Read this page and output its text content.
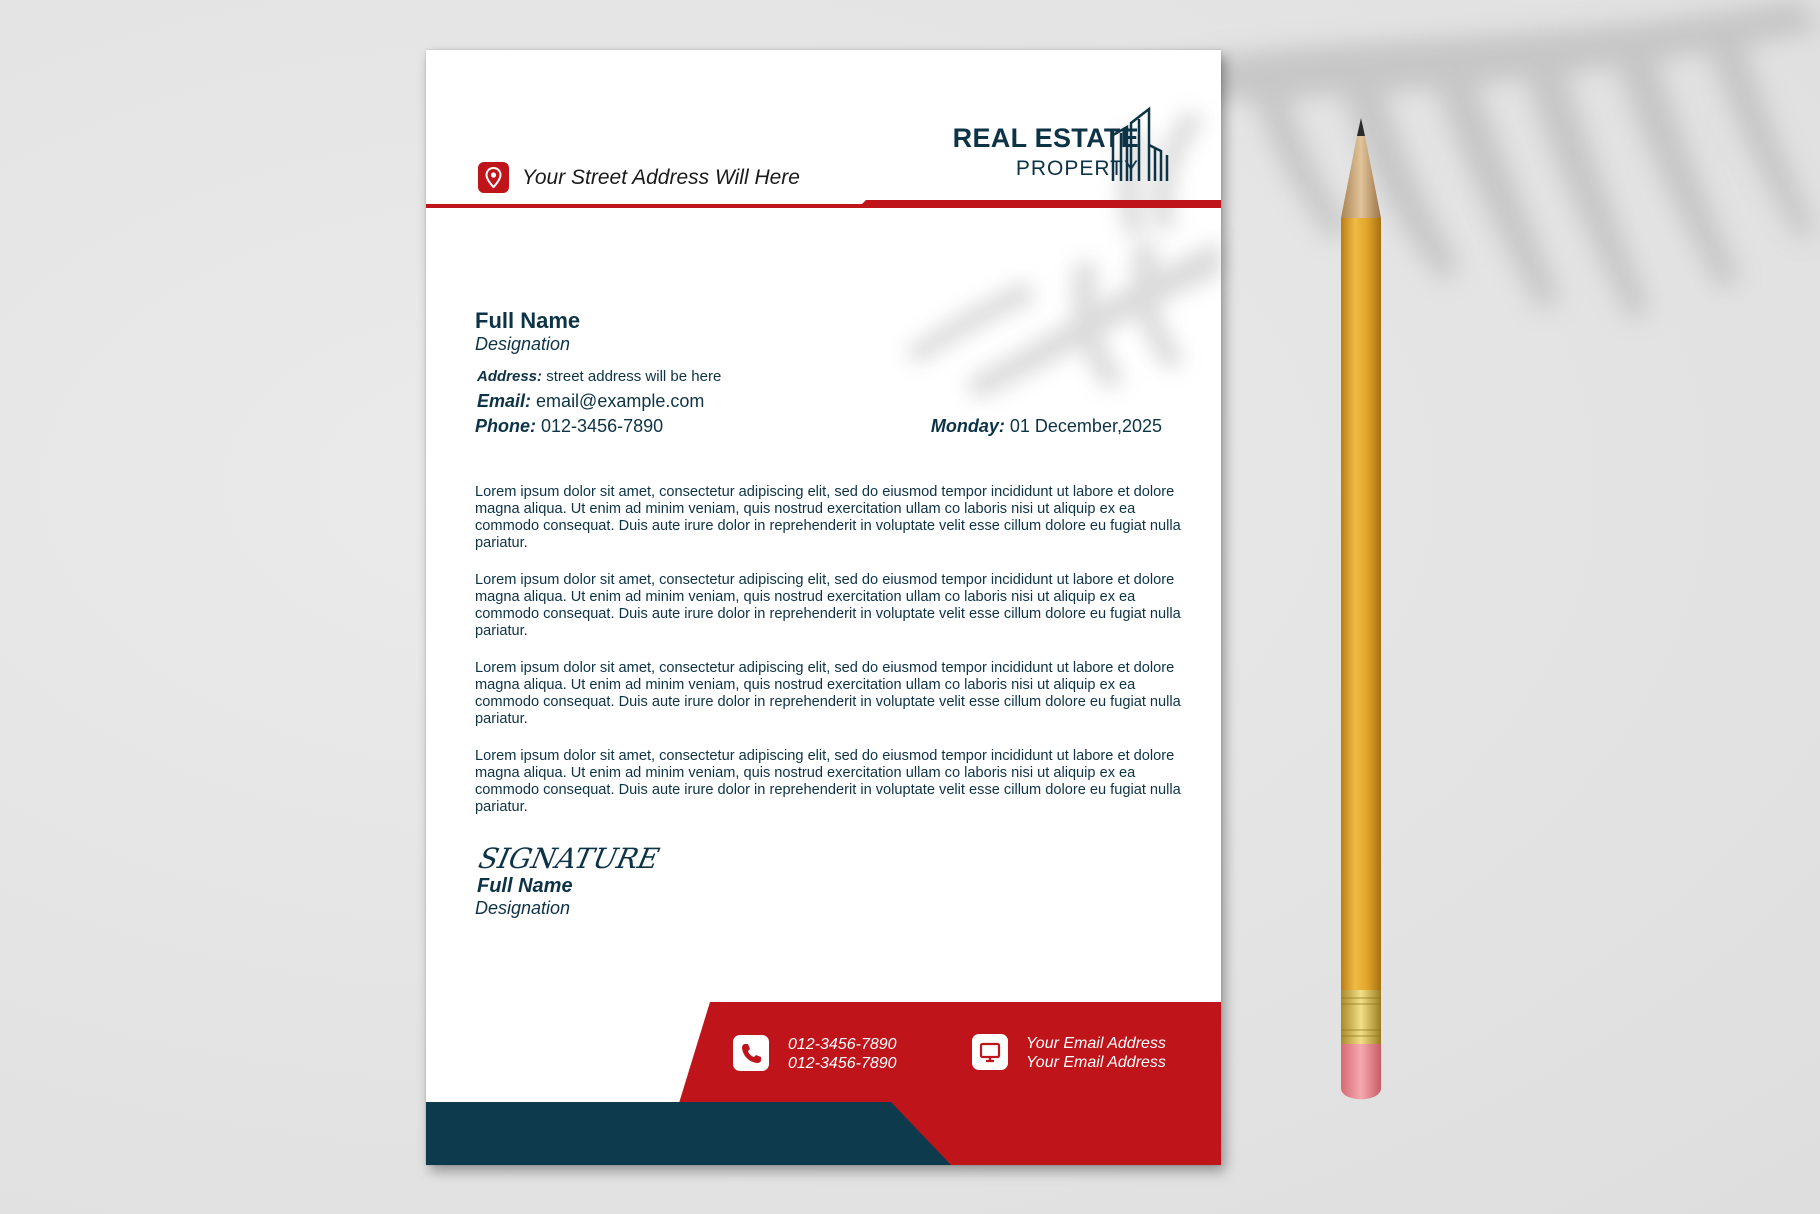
REAL ESTATE
PROPERTY
Your Street Address Will Here
Full Name
Designation
Address: street address will be here
Email: email@example.com
Phone: 012-3456-7890	Monday: 01 December,2025
Lorem ipsum dolor sit amet, consectetur adipiscing elit, sed do eiusmod tempor incididunt ut labore et dolore magna aliqua. Ut enim ad minim veniam, quis nostrud exercitation ullam co laboris nisi ut aliquip ex ea commodo consequat. Duis aute irure dolor in reprehenderit in voluptate velit esse cillum dolore eu fugiat nulla pariatur.
Lorem ipsum dolor sit amet, consectetur adipiscing elit, sed do eiusmod tempor incididunt ut labore et dolore magna aliqua. Ut enim ad minim veniam, quis nostrud exercitation ullam co laboris nisi ut aliquip ex ea commodo consequat. Duis aute irure dolor in reprehenderit in voluptate velit esse cillum dolore eu fugiat nulla pariatur.
Lorem ipsum dolor sit amet, consectetur adipiscing elit, sed do eiusmod tempor incididunt ut labore et dolore magna aliqua. Ut enim ad minim veniam, quis nostrud exercitation ullam co laboris nisi ut aliquip ex ea commodo consequat. Duis aute irure dolor in reprehenderit in voluptate velit esse cillum dolore eu fugiat nulla pariatur.
Lorem ipsum dolor sit amet, consectetur adipiscing elit, sed do eiusmod tempor incididunt ut labore et dolore magna aliqua. Ut enim ad minim veniam, quis nostrud exercitation ullam co laboris nisi ut aliquip ex ea commodo consequat. Duis aute irure dolor in reprehenderit in voluptate velit esse cillum dolore eu fugiat nulla pariatur.
SIGNATURE
Full Name
Designation
012-3456-7890
012-3456-7890
Your Email Address
Your Email Address
